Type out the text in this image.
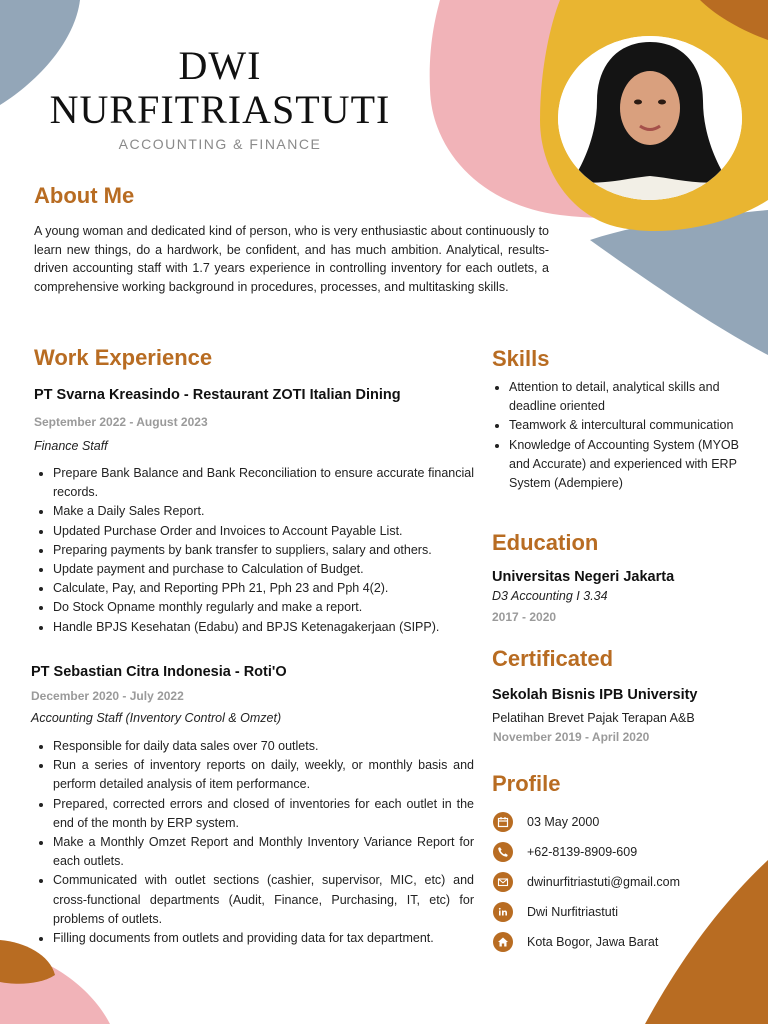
DWI
NURFITRIASTUTI
ACCOUNTING & FINANCE
About Me
A young woman and dedicated kind of person, who is very enthusiastic about continuously to learn new things, do a hardwork, be confident, and has much ambition. Analytical, results-driven accounting staff with 1.7 years experience in controlling inventory for each outlets, a comprehensive working background in procedures, processes, and multitasking skills.
Work Experience
PT Svarna Kreasindo - Restaurant ZOTI Italian Dining
September 2022 - August 2023
Finance Staff
• Prepare Bank Balance and Bank Reconciliation to ensure accurate financial records.
• Make a Daily Sales Report.
• Updated Purchase Order and Invoices to Account Payable List.
• Preparing payments by bank transfer to suppliers, salary and others.
• Update payment and purchase to Calculation of Budget.
• Calculate, Pay, and Reporting PPh 21, Pph 23 and Pph 4(2).
• Do Stock Opname monthly regularly and make a report.
• Handle BPJS Kesehatan (Edabu) and BPJS Ketenagakerjaan (SIPP).
PT Sebastian Citra Indonesia - Roti'O
December 2020 - July 2022
Accounting Staff (Inventory Control & Omzet)
• Responsible for daily data sales over 70 outlets.
• Run a series of inventory reports on daily, weekly, or monthly basis and perform detailed analysis of item performance.
• Prepared, corrected errors and closed of inventories for each outlet in the end of the month by ERP system.
• Make a Monthly Omzet Report and Monthly Inventory Variance Report for each outlets.
• Communicated with outlet sections (cashier, supervisor, MIC, etc) and cross-functional departments (Audit, Finance, Purchasing, IT, etc) for problems of outlets.
• Filling documents from outlets and providing data for tax department.
Skills
• Attention to detail, analytical skills and deadline oriented
• Teamwork & intercultural communication
• Knowledge of Accounting System (MYOB and Accurate) and experienced with ERP System (Adempiere)
Education
Universitas Negeri Jakarta
D3 Accounting I 3.34
2017 - 2020
Certificated
Sekolah Bisnis IPB University
Pelatihan Brevet Pajak Terapan A&B
November 2019 - April 2020
Profile
03 May 2000
+62-8139-8909-609
dwinurfitriastuti@gmail.com
Dwi Nurfitriastuti
Kota Bogor, Jawa Barat
